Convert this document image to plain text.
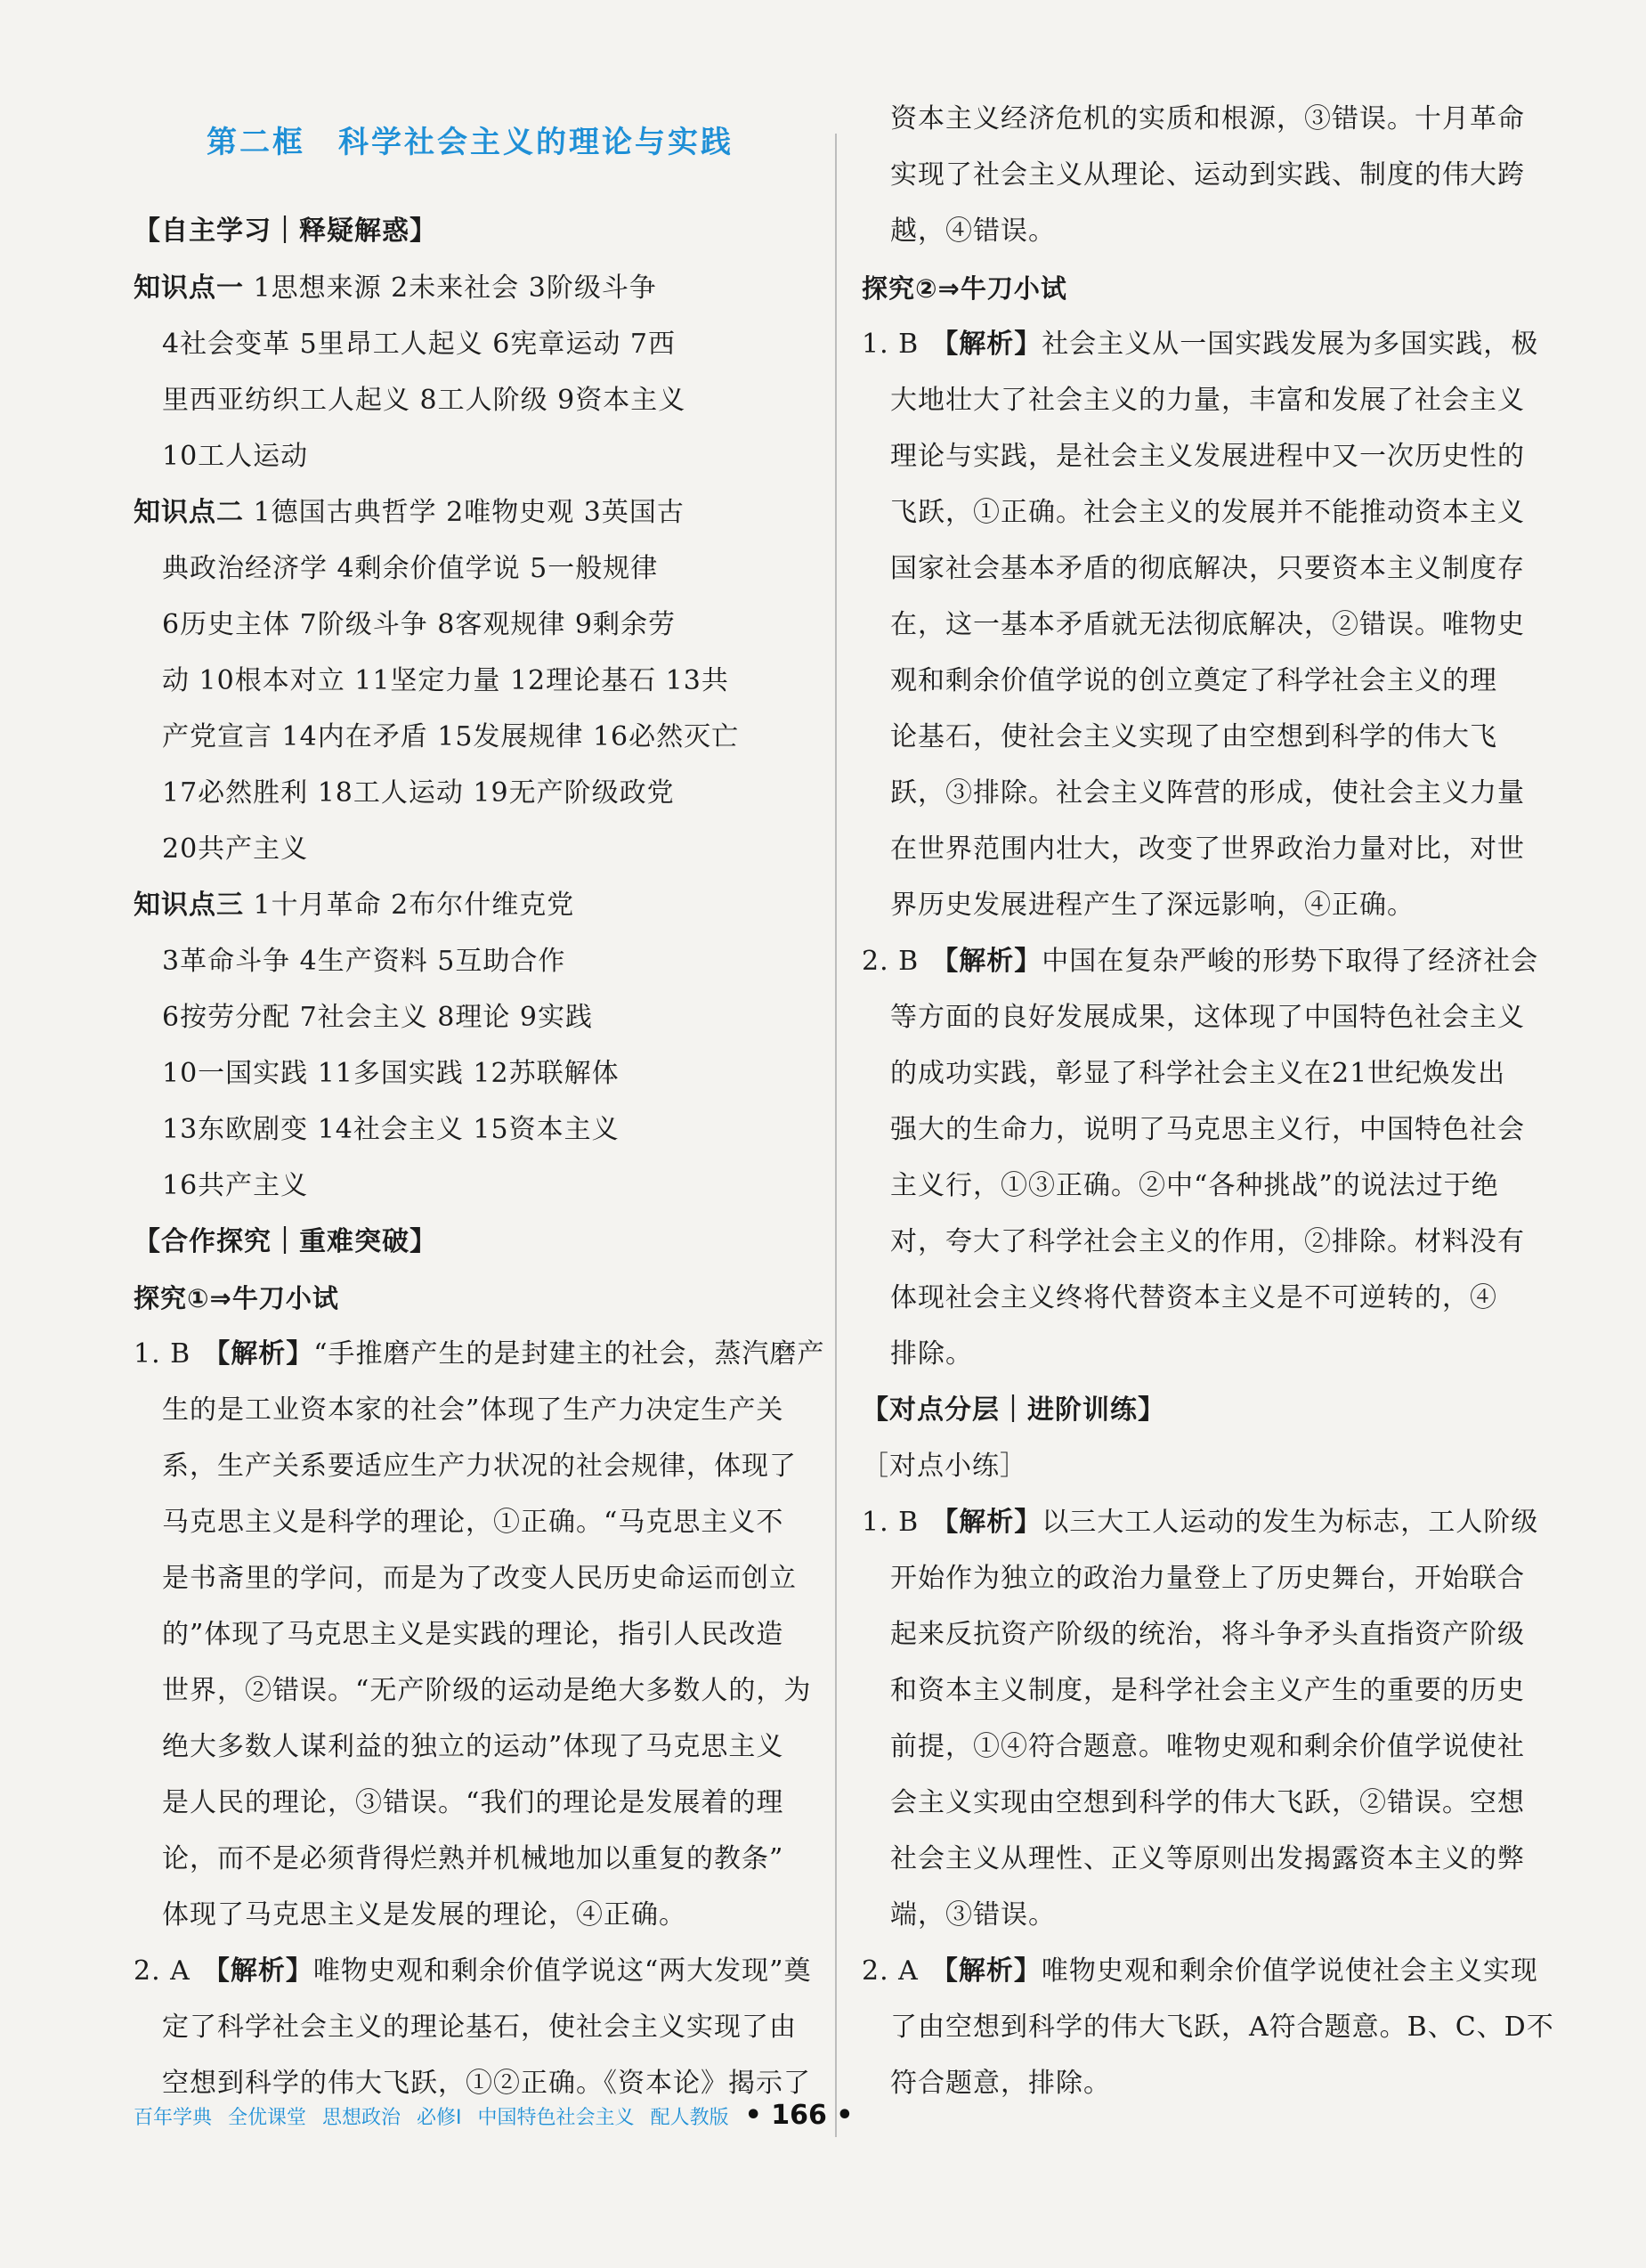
第二框　科学社会主义的理论与实践
【自主学习｜释疑解惑】
知识点一 1思想来源 2未来社会 3阶级斗争
4社会变革 5里昂工人起义 6宪章运动 7西
里西亚纺织工人起义 8工人阶级 9资本主义
10工人运动
知识点二 1德国古典哲学 2唯物史观 3英国古
典政治经济学 4剩余价值学说 5一般规律
6历史主体 7阶级斗争 8客观规律 9剩余劳
动 10根本对立 11坚定力量 12理论基石 13共
产党宣言 14内在矛盾 15发展规律 16必然灭亡
17必然胜利 18工人运动 19无产阶级政党
20共产主义
知识点三 1十月革命 2布尔什维克党
3革命斗争 4生产资料 5互助合作
6按劳分配 7社会主义 8理论 9实践
10一国实践 11多国实践 12苏联解体
13东欧剧变 14社会主义 15资本主义
16共产主义
【合作探究｜重难突破】
探究①⇒牛刀小试
1. B 【解析】“手推磨产生的是封建主的社会，蒸汽磨产
生的是工业资本家的社会”体现了生产力决定生产关
系，生产关系要适应生产力状况的社会规律，体现了
马克思主义是科学的理论，①正确。“马克思主义不
是书斋里的学问，而是为了改变人民历史命运而创立
的”体现了马克思主义是实践的理论，指引人民改造
世界，②错误。“无产阶级的运动是绝大多数人的，为
绝大多数人谋利益的独立的运动”体现了马克思主义
是人民的理论，③错误。“我们的理论是发展着的理
论，而不是必须背得烂熟并机械地加以重复的教条”
体现了马克思主义是发展的理论，④正确。
2. A 【解析】唯物史观和剩余价值学说这“两大发现”奠
定了科学社会主义的理论基石，使社会主义实现了由
空想到科学的伟大飞跃，①②正确。《资本论》揭示了
资本主义经济危机的实质和根源，③错误。十月革命
实现了社会主义从理论、运动到实践、制度的伟大跨
越，④错误。
探究②⇒牛刀小试
1. B 【解析】社会主义从一国实践发展为多国实践，极
大地壮大了社会主义的力量，丰富和发展了社会主义
理论与实践，是社会主义发展进程中又一次历史性的
飞跃，①正确。社会主义的发展并不能推动资本主义
国家社会基本矛盾的彻底解决，只要资本主义制度存
在，这一基本矛盾就无法彻底解决，②错误。唯物史
观和剩余价值学说的创立奠定了科学社会主义的理
论基石，使社会主义实现了由空想到科学的伟大飞
跃，③排除。社会主义阵营的形成，使社会主义力量
在世界范围内壮大，改变了世界政治力量对比，对世
界历史发展进程产生了深远影响，④正确。
2. B 【解析】中国在复杂严峻的形势下取得了经济社会
等方面的良好发展成果，这体现了中国特色社会主义
的成功实践，彰显了科学社会主义在21世纪焕发出
强大的生命力，说明了马克思主义行，中国特色社会
主义行，①③正确。②中“各种挑战”的说法过于绝
对，夸大了科学社会主义的作用，②排除。材料没有
体现社会主义终将代替资本主义是不可逆转的，④
排除。
【对点分层｜进阶训练】
［对点小练］
1. B 【解析】以三大工人运动的发生为标志，工人阶级
开始作为独立的政治力量登上了历史舞台，开始联合
起来反抗资产阶级的统治，将斗争矛头直指资产阶级
和资本主义制度，是科学社会主义产生的重要的历史
前提，①④符合题意。唯物史观和剩余价值学说使社
会主义实现由空想到科学的伟大飞跃，②错误。空想
社会主义从理性、正义等原则出发揭露资本主义的弊
端，③错误。
2. A 【解析】唯物史观和剩余价值学说使社会主义实现
了由空想到科学的伟大飞跃，A符合题意。B、C、D不
符合题意，排除。
百年学典 全优课堂 思想政治 必修Ⅰ 中国特色社会主义 配人教版 • 166 •
